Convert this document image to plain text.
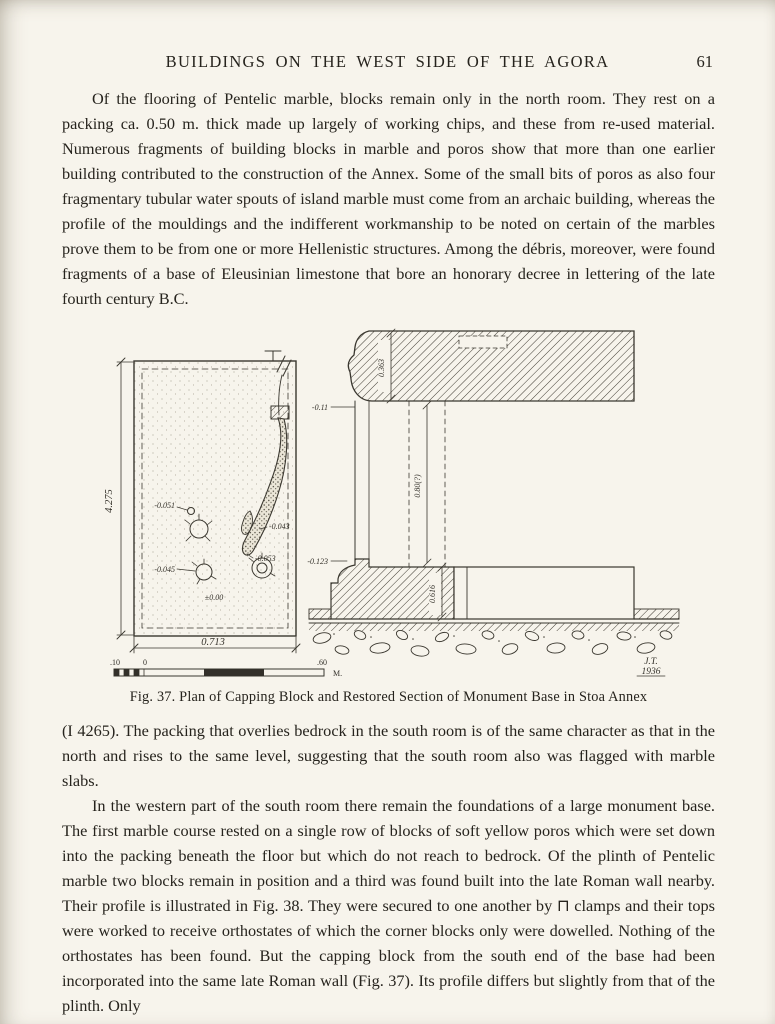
BUILDINGS ON THE WEST SIDE OF THE AGORA	61

Of the flooring of Pentelic marble, blocks remain only in the north room. They rest on a packing ca. 0.50 m. thick made up largely of working chips, and these from re-used material. Numerous fragments of building blocks in marble and poros show that more than one earlier building contributed to the construction of the Annex. Some of the small bits of poros as also four fragmentary tubular water spouts of island marble must come from an archaic building, whereas the profile of the mouldings and the indifferent workmanship to be noted on certain of the marbles prove them to be from one or more Hellenistic structures. Among the débris, moreover, were found fragments of a base of Eleusinian limestone that bore an honorary decree in lettering of the late fourth century B.C.

4.275
0.713
-0.051
-0.043
-0.053
-0.045
±0.00
0.363
-0.11
0.80(?)
-0.123
0.616
.10	0	.60
M.
J.T.
1936
Fig. 37. Plan of Capping Block and Restored Section of Monument Base in Stoa Annex

(I 4265). The packing that overlies bedrock in the south room is of the same character as that in the north and rises to the same level, suggesting that the south room also was flagged with marble slabs.

In the western part of the south room there remain the foundations of a large monument base. The first marble course rested on a single row of blocks of soft yellow poros which were set down into the packing beneath the floor but which do not reach to bedrock. Of the plinth of Pentelic marble two blocks remain in position and a third was found built into the late Roman wall nearby. Their profile is illustrated in Fig. 38. They were secured to one another by ⊓ clamps and their tops were worked to receive orthostates of which the corner blocks only were dowelled. Nothing of the orthostates has been found. But the capping block from the south end of the base had been incorporated into the same late Roman wall (Fig. 37). Its profile differs but slightly from that of the plinth. Only
